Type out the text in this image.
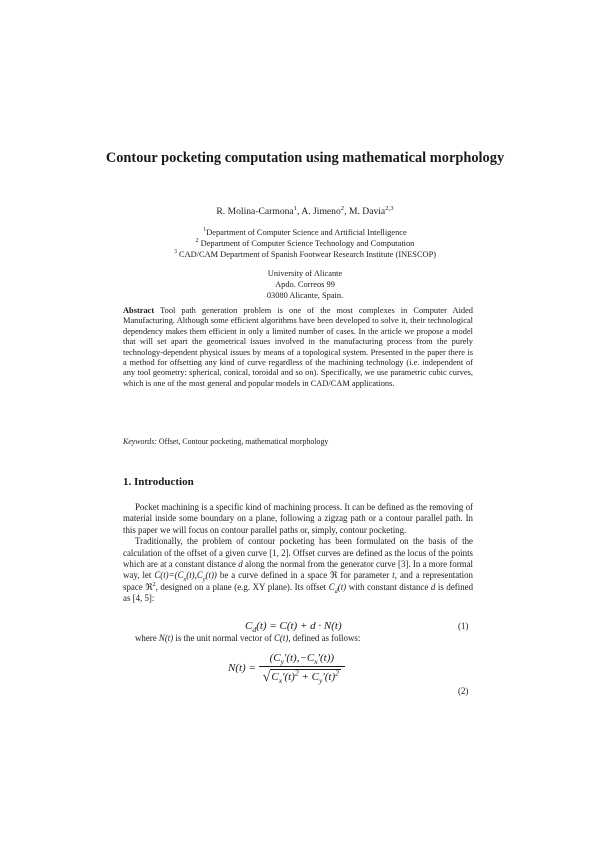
Contour pocketing computation using mathematical morphology
R. Molina-Carmona$^1$, A. Jimeno$^2$, M. Davia$^{2,3}$
$^1$Department of Computer Science and Artificial Intelligence
$^2$ Department of Computer Science Technology and Computation
$^3$ CAD/CAM Department of Spanish Footwear Research Institute (INESCOP)
University of Alicante
Apdo. Correos 99
03080 Alicante, Spain.
Abstract Tool path generation problem is one of the most complexes in Computer Aided Manufacturing. Although some efficient algorithms have been developed to solve it, their technological dependency makes them efficient in only a limited number of cases. In the article we propose a model that will set apart the geometrical issues involved in the manufacturing process from the purely technology-dependent physical issues by means of a topological system. Presented in the paper there is a method for offsetting any kind of curve regardless of the machining technology (i.e. independent of any tool geometry: spherical, conical, toroidal and so on). Specifically, we use parametric cubic curves, which is one of the most general and popular models in CAD/CAM applications.
Keywords: Offset, Contour pocketing, mathematical morphology
1. Introduction

Pocket machining is a specific kind of machining process. It can be defined as the removing of material inside some boundary on a plane, following a zigzag path or a contour parallel path. In this paper we will focus on contour parallel paths or, simply, contour pocketing.

Traditionally, the problem of contour pocketing has been formulated on the basis of the calculation of the offset of a given curve [1, 2]. Offset curves are defined as the locus of the points which are at a constant distance d along the normal from the generator curve [3]. In a more formal way, let $C(t)=(C_x(t),C_y(t))$ be a curve defined in a space ℜ for parameter t, and a representation space ℜ$^2$, designed on a plane (e.g. XY plane). Its offset $C_d(t)$ with constant distance d is defined as [4, 5]:

$C_d(t) = C(t) + d \cdot N(t)$	(1)

where N(t) is the unit normal vector of C(t), defined as follows:

$N(t) = \frac{(C_y'(t),-C_x'(t))}{√C_x'(t)^2 + C_y'(t)^2}$
(2)
